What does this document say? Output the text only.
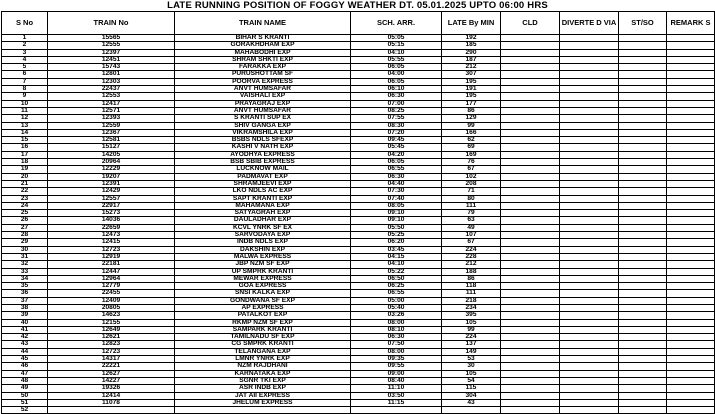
LATE RUNNING POSITION OF FOGGY WEATHER DT. 05.01.2025 UPTO 06:00 HRS
S No	TRAIN No	TRAIN NAME	SCH. ARR.	LATE By MIN	CLD	DIVERTE D VIA	ST/SO	REMARK S
1	15565	BIHAR S KRANTI	05:05	192				
2	12555	GORAKHDHAM EXP	05:15	185				
3	12397	MAHABODHI EXP	04:10	290				
4	12451	SHRAM SHKTI EXP	05:55	187				
5	15743	FARAKKA EXP	06:05	212				
6	12801	PURUSHOTTAM SF	04:00	307				
7	12303	POORVA EXPRESS	06:05	195				
8	22437	ANVT HUMSAFAR	06:10	191				
9	12553	VAISHALI EXP	06:30	195				
10	12417	PRAYAGRAJ EXP	07:00	177				
11	12571	ANVT HUMSAFAR	08:25	86				
12	12393	S KRANTI SUP EX	07:55	129				
13	12559	SHIV GANGA EXP	08:30	99				
14	12367	VIKRAMSHILA EXP	07:20	166				
15	12581	BSBS NDLS SFEXP	09:45	62				
16	15127	KASHI V NATH EXP	05:45	69				
17	14205	AYODHYA EXPRESS	04:20	169				
18	20964	BSB SBIB EXPRESS	06:05	76				
19	12229	LUCKNOW MAIL	06:55	67				
20	19207	PADMAVAT EXP	06:30	102				
21	12391	SHRAMJEEVI EXP	04:40	208				
22	12429	LKO NDLS AC EXP	07:30	71				
23	12557	SAPT KRANTI EXP	07:40	80				
24	22917	MAHAMANA EXP	08:05	111				
25	15273	SATYAGRAH EXP	09:10	79				
26	14036	DAULADHAR EXP	09:10	63				
27	22659	KCVL YNRK SF EX	05:50	49				
28	12473	SARVODAYA EXP	05:25	107				
29	12415	INDB NDLS EXP	06:20	67				
30	12723	DAKSHIN EXP	03:45	224				
31	12919	MALWA EXPRESS	04:15	228				
32	22181	JBP NZM SF EXP	04:10	212				
33	12447	UP SMPRK KRANTI	05:22	188				
34	12964	MEWAR EXPRESS	06:50	86				
35	12779	GOA EXPRESS	06:25	118				
36	22455	SNSI KALKA EXP	06:55	111				
37	12409	GONDWANA SF EXP	05:00	218				
38	20805	AP EXPRESS	05:40	234				
39	14623	PATALKOT EXP	03:26	395				
40	12155	RKMP NZM SF EXP	08:00	105				
41	12649	SAMPARK KRANTI	08:10	99				
42	12621	TAMILNADU SF EXP	06:30	224				
43	12823	CG SMPRK KRANTI	07:50	137				
44	12723	TELANGANA EXP	08:00	149				
45	14317	LMNR YNRK EXP	09:35	53				
46	22221	NZM RAJDHANI	09:55	30				
47	12627	KARNATAKA EXP	09:00	105				
48	14227	SGNR TKI EXP	08:40	54				
49	19326	ASR INDB EXP	11:10	115				
50	12414	JAT AII EXPRESS	03:50	304				
51	11078	JHELUM EXPRESS	11:15	43				
52								
